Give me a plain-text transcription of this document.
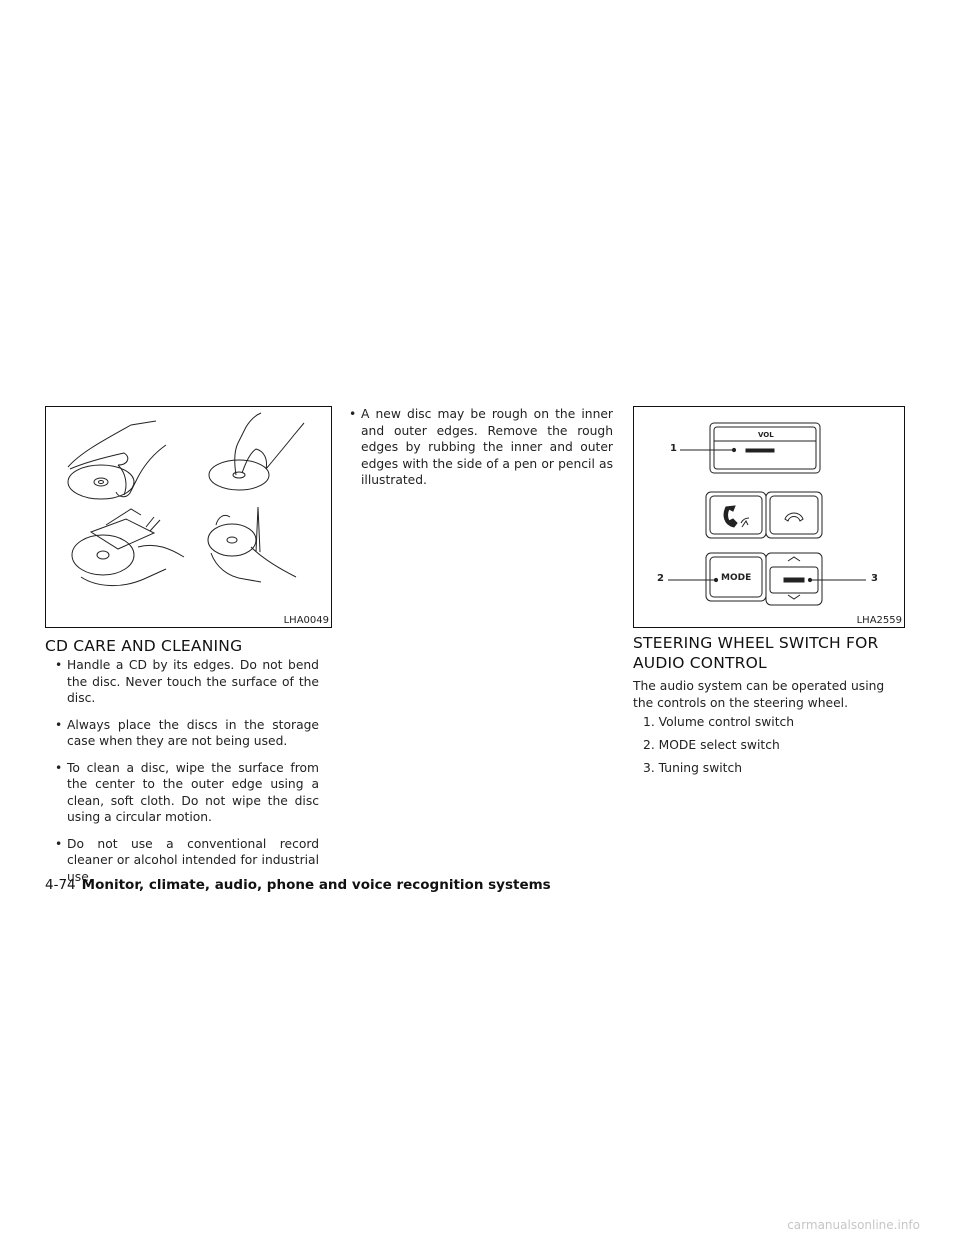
LHA0049
VOL
MODE
1
2	3
LHA2559
CD CARE AND CLEANING
• Handle a CD by its edges. Do not bend the disc. Never touch the surface of the disc.
• Always place the discs in the storage case when they are not being used.
• To clean a disc, wipe the surface from the center to the outer edge using a clean, soft cloth. Do not wipe the disc using a circular motion.
• Do not use a conventional record cleaner or alcohol intended for industrial use.
• A new disc may be rough on the inner and outer edges. Remove the rough edges by rubbing the inner and outer edges with the side of a pen or pencil as illustrated.
STEERING WHEEL SWITCH FOR
AUDIO CONTROL

The audio system can be operated using the controls on the steering wheel.

1. Volume control switch
2. MODE select switch
3. Tuning switch
4-74 Monitor, climate, audio, phone and voice recognition systems
carmanualsonline.info
